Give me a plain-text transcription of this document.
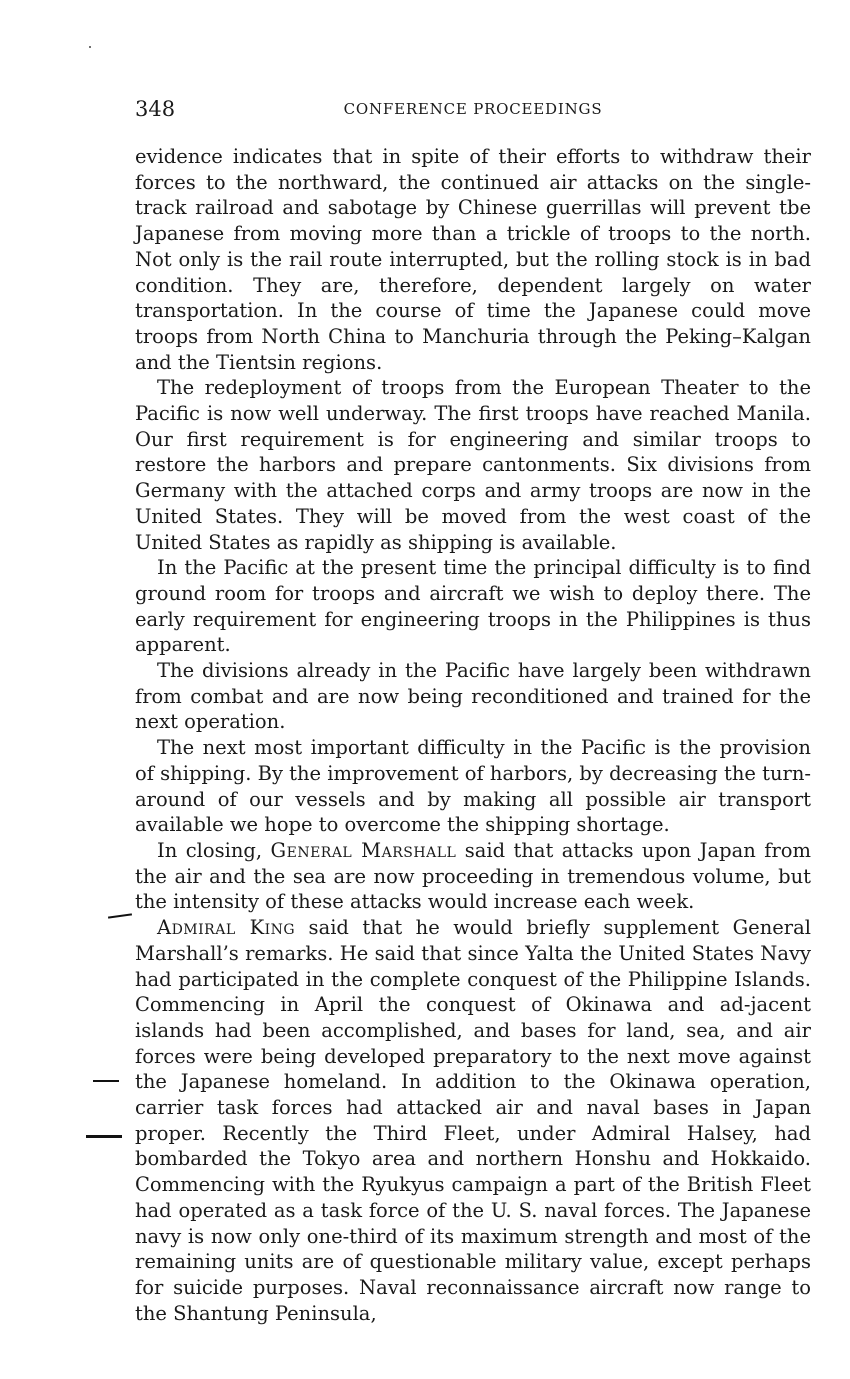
348	CONFERENCE PROCEEDINGS

evidence indicates that in spite of their efforts to withdraw their forces to the northward, the continued air attacks on the single-track railroad and sabotage by Chinese guerrillas will prevent tbe Japanese from moving more than a trickle of troops to the north. Not only is the rail route interrupted, but the rolling stock is in bad condition. They are, therefore, dependent largely on water transportation. In the course of time the Japanese could move troops from North China to Manchuria through the Peking–Kalgan and the Tientsin regions.

The redeployment of troops from the European Theater to the Pacific is now well underway. The first troops have reached Manila. Our first requirement is for engineering and similar troops to restore the harbors and prepare cantonments. Six divisions from Germany with the attached corps and army troops are now in the United States. They will be moved from the west coast of the United States as rapidly as shipping is available.

In the Pacific at the present time the principal difficulty is to find ground room for troops and aircraft we wish to deploy there. The early requirement for engineering troops in the Philippines is thus apparent.

The divisions already in the Pacific have largely been withdrawn from combat and are now being reconditioned and trained for the next operation.

The next most important difficulty in the Pacific is the provision of shipping. By the improvement of harbors, by decreasing the turn-around of our vessels and by making all possible air transport available we hope to overcome the shipping shortage.

In closing, General Marshall said that attacks upon Japan from the air and the sea are now proceeding in tremendous volume, but the intensity of these attacks would increase each week.

Admiral King said that he would briefly supplement General Marshall’s remarks. He said that since Yalta the United States Navy had participated in the complete conquest of the Philippine Islands. Commencing in April the conquest of Okinawa and ad-jacent islands had been accomplished, and bases for land, sea, and air forces were being developed preparatory to the next move against the Japanese homeland. In addition to the Okinawa operation, carrier task forces had attacked air and naval bases in Japan proper. Recently the Third Fleet, under Admiral Halsey, had bombarded the Tokyo area and northern Honshu and Hokkaido. Commencing with the Ryukyus campaign a part of the British Fleet had operated as a task force of the U. S. naval forces. The Japanese navy is now only one-third of its maximum strength and most of the remaining units are of questionable military value, except perhaps for suicide purposes. Naval reconnaissance aircraft now range to the Shantung Peninsula,
